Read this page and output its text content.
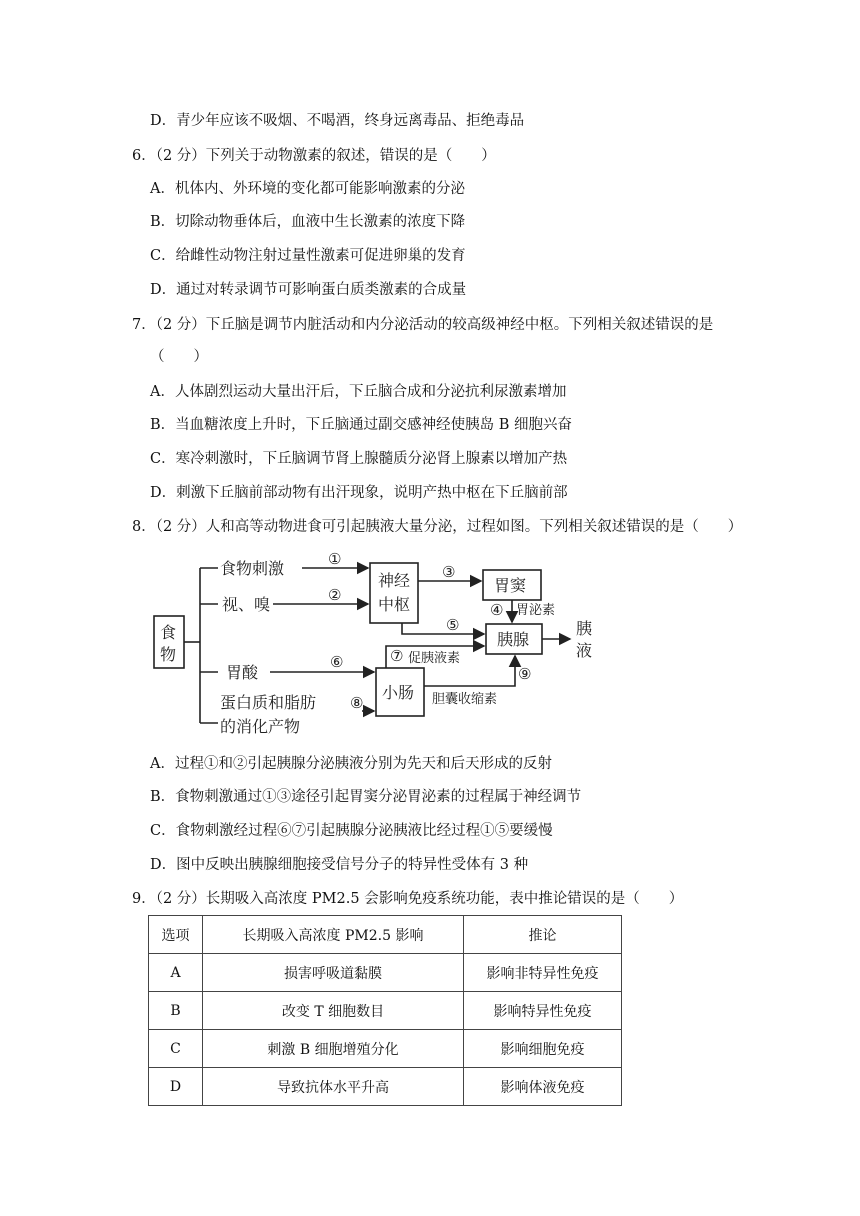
D．青少年应该不吸烟、不喝酒，终身远离毒品、拒绝毒品
6．（2 分）下列关于动物激素的叙述，错误的是（　　）
A．机体内、外环境的变化都可能影响激素的分泌
B．切除动物垂体后，血液中生长激素的浓度下降
C．给雌性动物注射过量性激素可促进卵巢的发育
D．通过对转录调节可影响蛋白质类激素的合成量
7．（2 分）下丘脑是调节内脏活动和内分泌活动的较高级神经中枢。下列相关叙述错误的是
（　　）
A．人体剧烈运动大量出汗后，下丘脑合成和分泌抗利尿激素增加
B．当血糖浓度上升时，下丘脑通过副交感神经使胰岛 B 细胞兴奋
C．寒冷刺激时，下丘脑调节肾上腺髓质分泌肾上腺素以增加产热
D．刺激下丘脑前部动物有出汗现象，说明产热中枢在下丘脑前部
8．（2 分）人和高等动物进食可引起胰液大量分泌，过程如图。下列相关叙述错误的是（　　）
食
物
食物刺激
视、嗅
胃酸
蛋白质和脂肪
的消化产物
神经
中枢
胃窦
胰腺
小肠
胰
液
胃泌素
促胰液素
胆囊收缩素
①
②
③
④
⑤
⑥	⑦
⑧
⑨
A．过程①和②引起胰腺分泌胰液分别为先天和后天形成的反射
B．食物刺激通过①③途径引起胃窦分泌胃泌素的过程属于神经调节
C．食物刺激经过程⑥⑦引起胰腺分泌胰液比经过程①⑤要缓慢
D．图中反映出胰腺细胞接受信号分子的特异性受体有 3 种
9．（2 分）长期吸入高浓度 PM2.5 会影响免疫系统功能，表中推论错误的是（　　）
选项	长期吸入高浓度 PM2.5 影响	推论
A	损害呼吸道黏膜	影响非特异性免疫
B	改变 T 细胞数目	影响特异性免疫
C	刺激 B 细胞增殖分化	影响细胞免疫
D	导致抗体水平升高	影响体液免疫
